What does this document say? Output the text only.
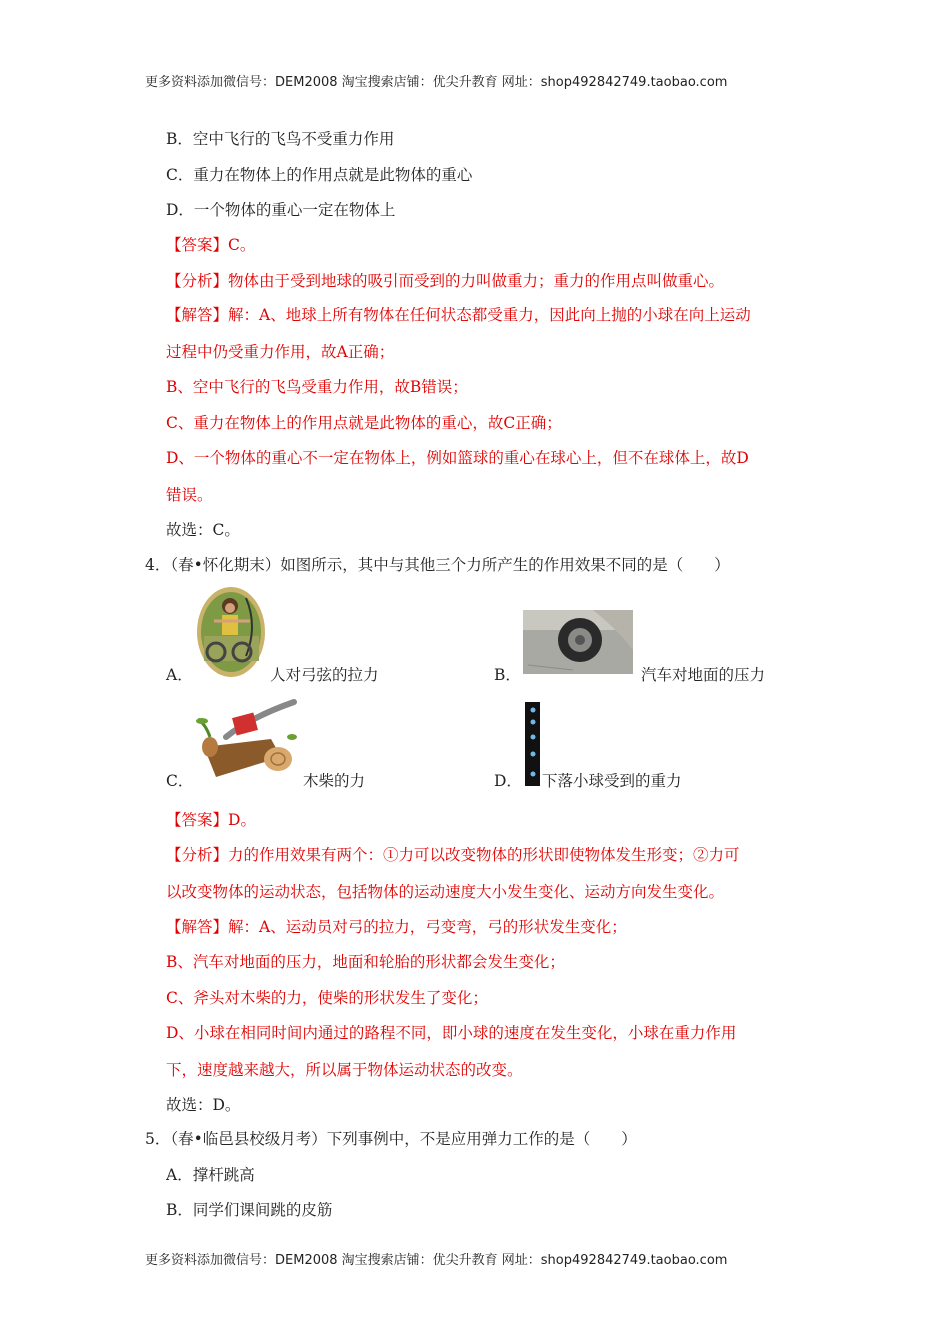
更多资料添加微信号：DEM2008 淘宝搜索店铺：优尖升教育 网址：shop492842749.taobao.com
B．空中飞行的飞鸟不受重力作用
C．重力在物体上的作用点就是此物体的重心
D．一个物体的重心一定在物体上
【答案】C。
【分析】物体由于受到地球的吸引而受到的力叫做重力；重力的作用点叫做重心。
【解答】解：A、地球上所有物体在任何状态都受重力，因此向上抛的小球在向上运动
过程中仍受重力作用，故A正确；
B、空中飞行的飞鸟受重力作用，故B错误；
C、重力在物体上的作用点就是此物体的重心，故C正确；
D、一个物体的重心不一定在物体上，例如篮球的重心在球心上，但不在球体上，故D
错误。
故选：C。
4．（春•怀化期末）如图所示，其中与其他三个力所产生的作用效果不同的是（　　）
A．	人对弓弦的拉力	B．	汽车对地面的压力
C．	木柴的力	D． 下落小球受到的重力
【答案】D。
【分析】力的作用效果有两个：①力可以改变物体的形状即使物体发生形变；②力可
以改变物体的运动状态，包括物体的运动速度大小发生变化、运动方向发生变化。
【解答】解：A、运动员对弓的拉力，弓变弯，弓的形状发生变化；
B、汽车对地面的压力，地面和轮胎的形状都会发生变化；
C、斧头对木柴的力，使柴的形状发生了变化；
D、小球在相同时间内通过的路程不同，即小球的速度在发生变化，小球在重力作用
下，速度越来越大，所以属于物体运动状态的改变。
故选：D。
5．（春•临邑县校级月考）下列事例中，不是应用弹力工作的是（　　）
A．撑杆跳高
B．同学们课间跳的皮筋
更多资料添加微信号：DEM2008 淘宝搜索店铺：优尖升教育 网址：shop492842749.taobao.com
